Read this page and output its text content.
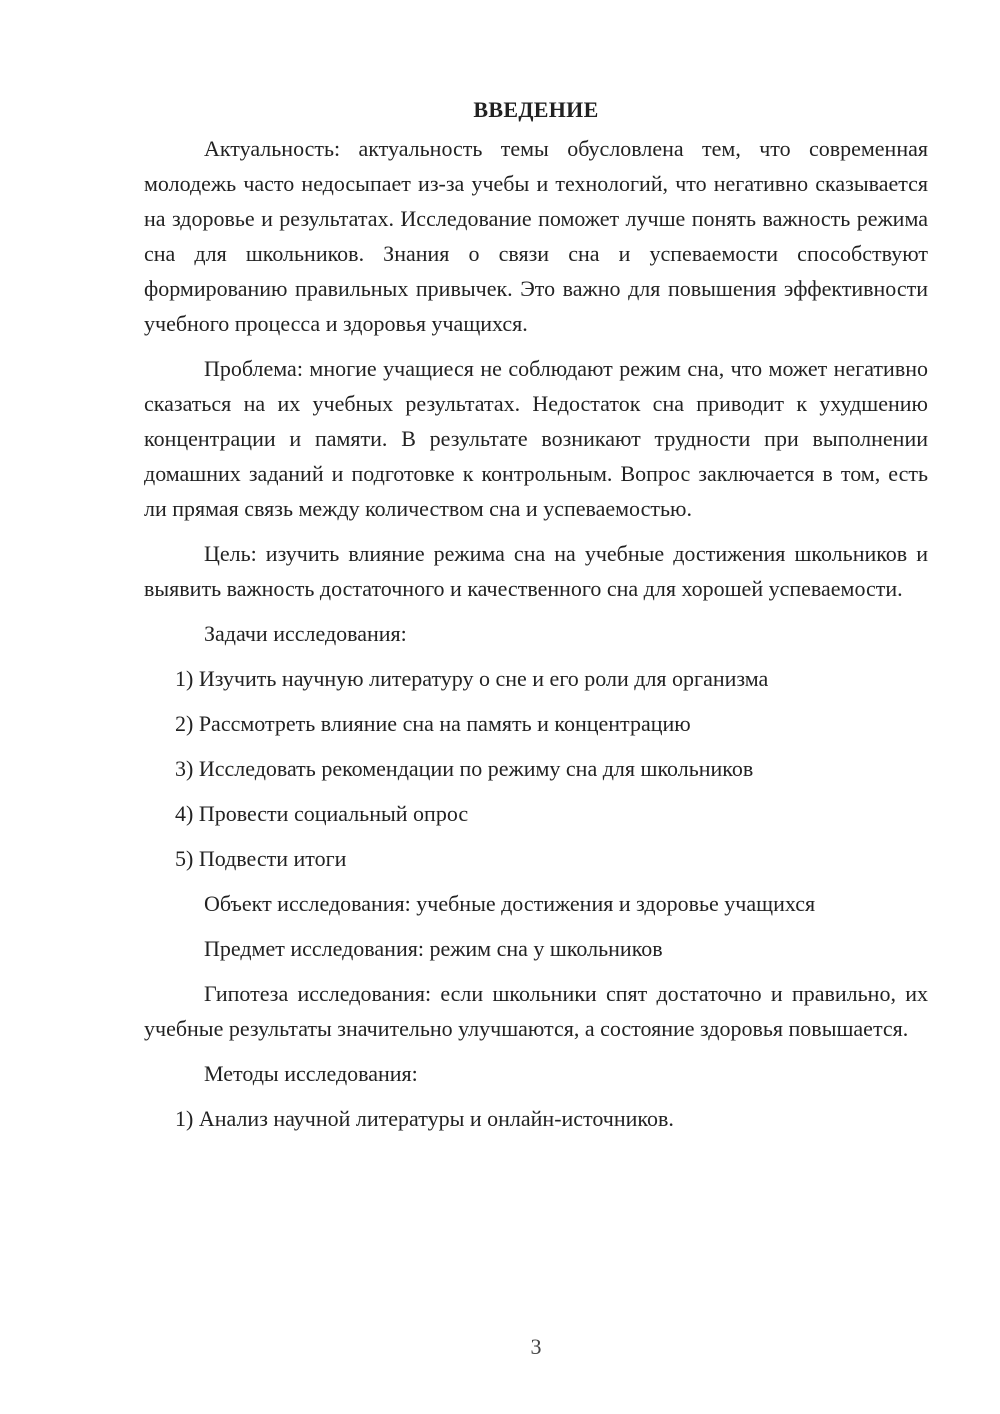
ВВЕДЕНИЕ

Актуальность: актуальность темы обусловлена тем, что современная молодежь часто недосыпает из-за учебы и технологий, что негативно сказывается на здоровье и результатах. Исследование поможет лучше понять важность режима сна для школьников. Знания о связи сна и успеваемости способствуют формированию правильных привычек. Это важно для повышения эффективности учебного процесса и здоровья учащихся.

Проблема: многие учащиеся не соблюдают режим сна, что может негативно сказаться на их учебных результатах. Недостаток сна приводит к ухудшению концентрации и памяти. В результате возникают трудности при выполнении домашних заданий и подготовке к контрольным. Вопрос заключается в том, есть ли прямая связь между количеством сна и успеваемостью.

Цель: изучить влияние режима сна на учебные достижения школьников и выявить важность достаточного и качественного сна для хорошей успеваемости.

Задачи исследования:

1) Изучить научную литературу о сне и его роли для организма

2) Рассмотреть влияние сна на память и концентрацию

3) Исследовать рекомендации по режиму сна для школьников

4) Провести социальный опрос

5) Подвести итоги

Объект исследования: учебные достижения и здоровье учащихся

Предмет исследования: режим сна у школьников

Гипотеза исследования: если школьники спят достаточно и правильно, их учебные результаты значительно улучшаются, а состояние здоровья повышается.

Методы исследования:

1) Анализ научной литературы и онлайн-источников.

3
